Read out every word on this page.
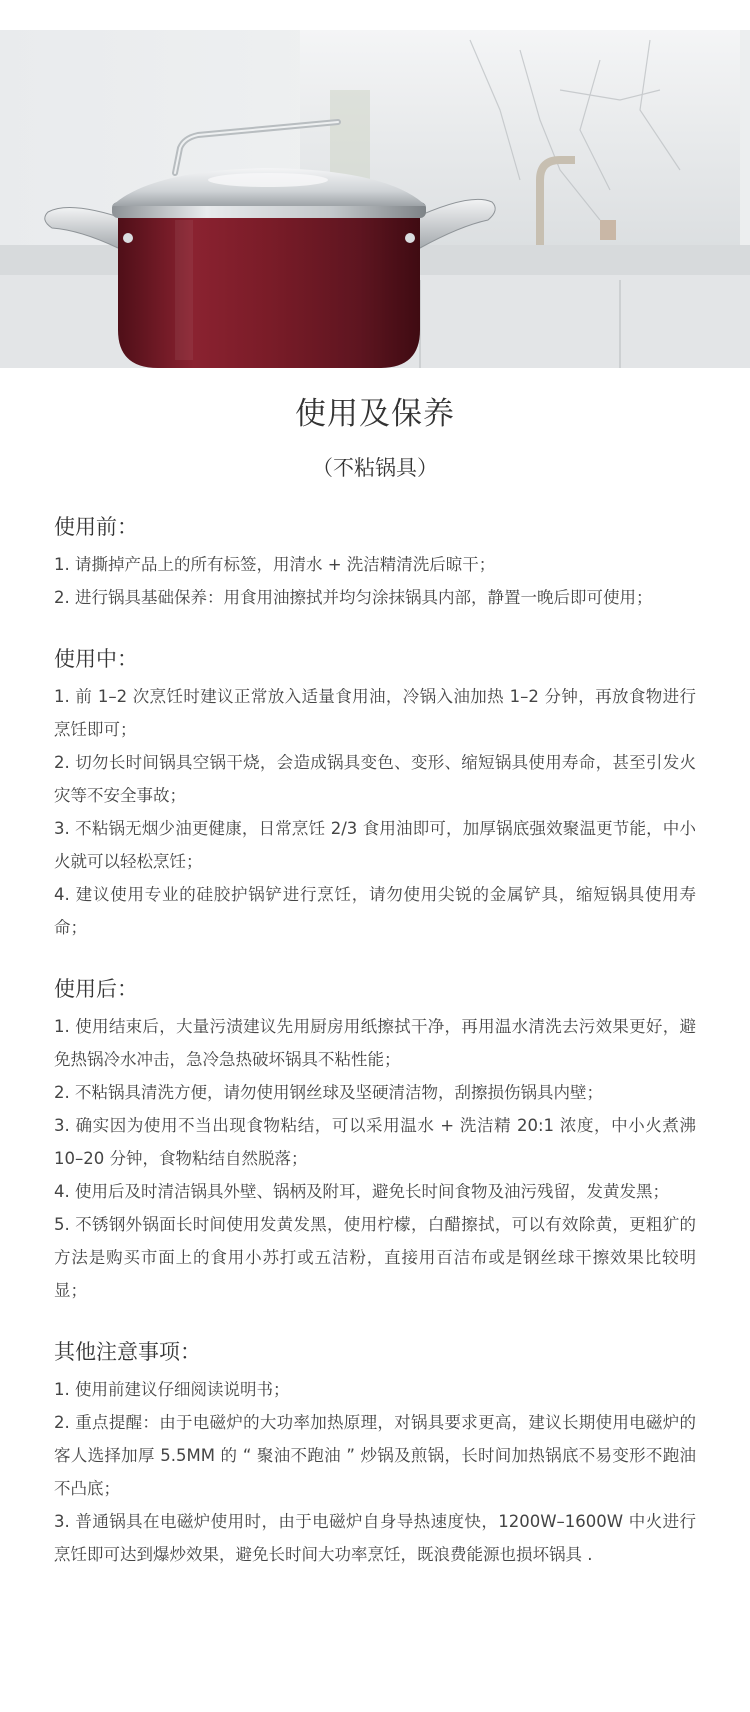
使用及保养
（不粘锅具）
使用前：

1. 请撕掉产品上的所有标签，用清水 + 洗洁精清洗后晾干；

2. 进行锅具基础保养：用食用油擦拭并均匀涂抹锅具内部，静置一晚后即可使用；

使用中：

1. 前 1–2 次烹饪时建议正常放入适量食用油，冷锅入油加热 1–2 分钟，再放食物进行烹饪即可；

2. 切勿长时间锅具空锅干烧，会造成锅具变色、变形、缩短锅具使用寿命，甚至引发火灾等不安全事故；

3. 不粘锅无烟少油更健康，日常烹饪 2/3 食用油即可，加厚锅底强效聚温更节能，中小火就可以轻松烹饪；

4. 建议使用专业的硅胶护锅铲进行烹饪，请勿使用尖锐的金属铲具，缩短锅具使用寿命；

使用后：

1. 使用结束后，大量污渍建议先用厨房用纸擦拭干净，再用温水清洗去污效果更好，避免热锅冷水冲击，急冷急热破坏锅具不粘性能；

2. 不粘锅具清洗方便，请勿使用钢丝球及坚硬清洁物，刮擦损伤锅具内壁；

3. 确实因为使用不当出现食物粘结，可以采用温水 + 洗洁精 20:1 浓度，中小火煮沸 10–20 分钟，食物粘结自然脱落；

4. 使用后及时清洁锅具外壁、锅柄及附耳，避免长时间食物及油污残留，发黄发黑；

5. 不锈钢外锅面长时间使用发黄发黑，使用柠檬，白醋擦拭，可以有效除黄，更粗犷的方法是购买市面上的食用小苏打或五洁粉，直接用百洁布或是钢丝球干擦效果比较明显；

其他注意事项：

1. 使用前建议仔细阅读说明书；

2. 重点提醒：由于电磁炉的大功率加热原理，对锅具要求更高，建议长期使用电磁炉的客人选择加厚 5.5MM 的 “ 聚油不跑油 ” 炒锅及煎锅，长时间加热锅底不易变形不跑油不凸底；

3. 普通锅具在电磁炉使用时，由于电磁炉自身导热速度快，1200W–1600W 中火进行烹饪即可达到爆炒效果，避免长时间大功率烹饪，既浪费能源也损坏锅具 .
